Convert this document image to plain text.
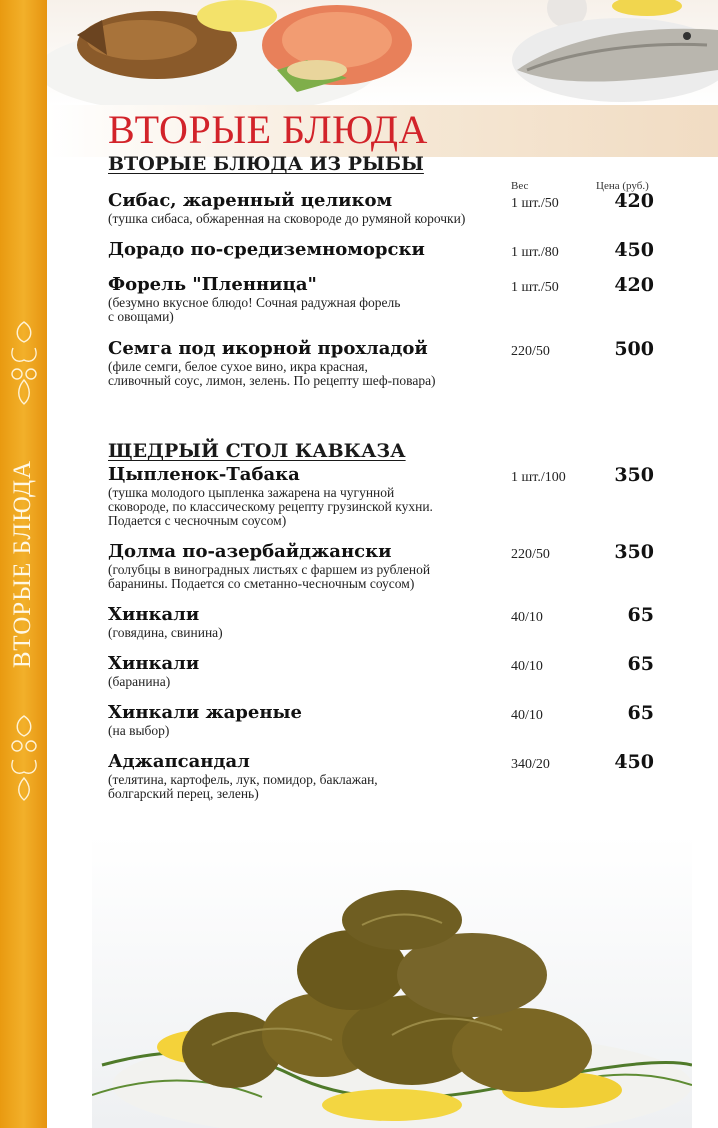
ВТОРЫЕ БЛЮДА
ВТОРЫЕ БЛЮДА
ВТОРЫЕ БЛЮДА ИЗ РЫБЫ
Вес	Цена (руб.)
Сибас, жаренный целиком
(тушка сибаса, обжаренная на сковороде до румяной корочки)
1 шт./50	420
Дорадо по-средиземноморски	1 шт./80	450
Форель "Пленница"
(безумно вкусное блюдо! Сочная радужная форель
с овощами)
1 шт./50	420
Семга под икорной прохладой
(филе семги, белое сухое вино, икра красная,
сливочный соус, лимон, зелень. По рецепту шеф-повара)
220/50	500
ЩЕДРЫЙ СТОЛ КАВКАЗА
Цыпленок-Табака
(тушка молодого цыпленка зажарена на чугунной
сковороде, по классическому рецепту грузинской кухни.
Подается с чесночным соусом)
1 шт./100	350
Долма по-азербайджански
(голубцы в виноградных листьях с фаршем из рубленой
баранины. Подается со сметанно-чесночным соусом)
220/50	350
Хинкали
(говядина, свинина)
40/10	65
Хинкали
(баранина)
40/10	65
Хинкали жареные
(на выбор)
40/10	65
Аджапсандал
(телятина, картофель, лук, помидор, баклажан,
болгарский перец, зелень)
340/20	450
